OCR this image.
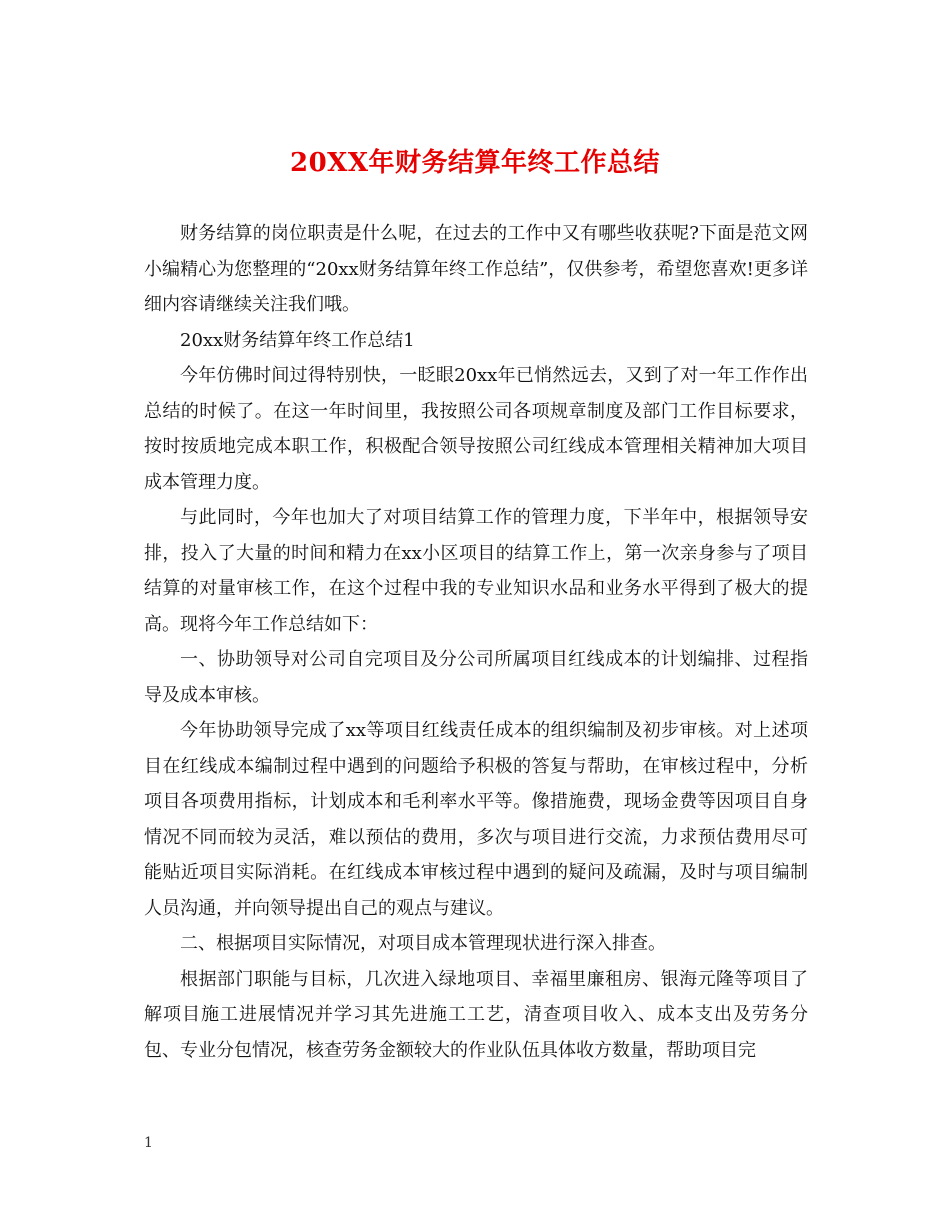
20XX年财务结算年终工作总结

财务结算的岗位职责是什么呢，在过去的工作中又有哪些收获呢?下面是范文网小编精心为您整理的“20xx财务结算年终工作总结”，仅供参考，希望您喜欢!更多详细内容请继续关注我们哦。

20xx财务结算年终工作总结1

今年仿佛时间过得特别快，一眨眼20xx年已悄然远去，又到了对一年工作作出总结的时候了。在这一年时间里，我按照公司各项规章制度及部门工作目标要求，按时按质地完成本职工作，积极配合领导按照公司红线成本管理相关精神加大项目成本管理力度。

与此同时，今年也加大了对项目结算工作的管理力度，下半年中，根据领导安排，投入了大量的时间和精力在xx小区项目的结算工作上，第一次亲身参与了项目结算的对量审核工作，在这个过程中我的专业知识水品和业务水平得到了极大的提高。现将今年工作总结如下：

一、协助领导对公司自完项目及分公司所属项目红线成本的计划编排、过程指导及成本审核。

今年协助领导完成了xx等项目红线责任成本的组织编制及初步审核。对上述项目在红线成本编制过程中遇到的问题给予积极的答复与帮助，在审核过程中，分析项目各项费用指标，计划成本和毛利率水平等。像措施费，现场金费等因项目自身情况不同而较为灵活，难以预估的费用，多次与项目进行交流，力求预估费用尽可能贴近项目实际消耗。在红线成本审核过程中遇到的疑问及疏漏，及时与项目编制人员沟通，并向领导提出自己的观点与建议。

二、根据项目实际情况，对项目成本管理现状进行深入排查。

根据部门职能与目标，几次进入绿地项目、幸福里廉租房、银海元隆等项目了解项目施工进展情况并学习其先进施工工艺，清查项目收入、成本支出及劳务分包、专业分包情况，核查劳务金额较大的作业队伍具体收方数量，帮助项目完

1
